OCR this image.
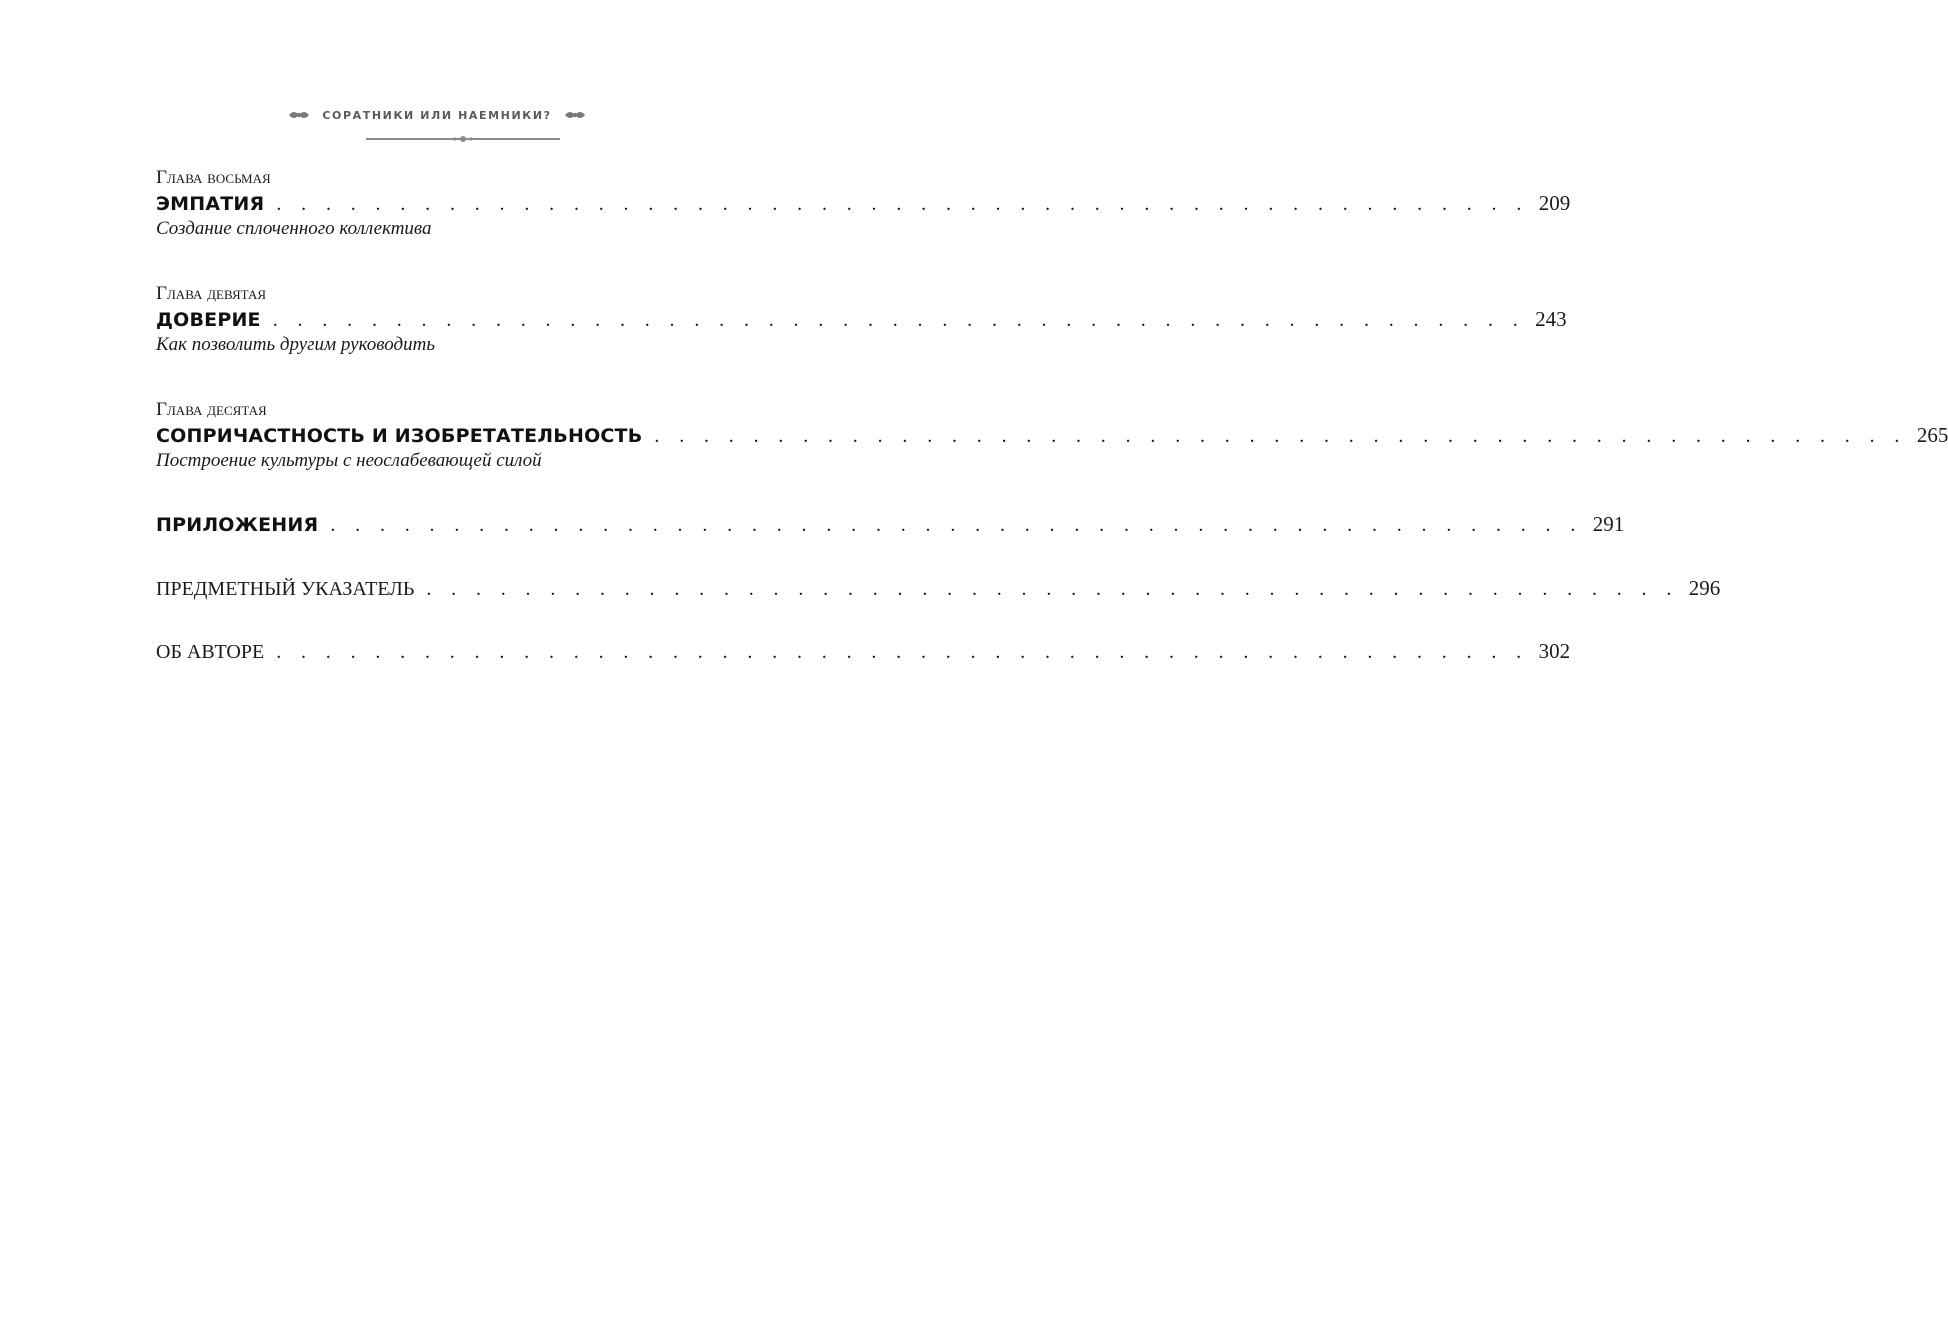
СОРАТНИКИ ИЛИ НАЕМНИКИ?
Глава восьмая
ЭМПАТИЯ . . . . . . . . . . . . . . . . . . . . . . . . . . . . . . . . . . . . . . . . . . . . . . . . . . . 209
Создание сплоченного коллектива
Глава девятая
ДОВЕРИЕ . . . . . . . . . . . . . . . . . . . . . . . . . . . . . . . . . . . . . . . . . . . . . . . . . . . 243
Как позволить другим руководить
Глава десятая
СОПРИЧАСТНОСТЬ И ИЗОБРЕТАТЕЛЬНОСТЬ . . . . . . . . . . . . . . . . . . . . . . . . . . . . . . . . . . . . . . . . . . . . . . . . . . . 265
Построение культуры с неослабевающей силой
ПРИЛОЖЕНИЯ . . . . . . . . . . . . . . . . . . . . . . . . . . . . . . . . . . . . . . . . . . . . . . . . . . . 291
ПРЕДМЕТНЫЙ УКАЗАТЕЛЬ . . . . . . . . . . . . . . . . . . . . . . . . . . . . . . . . . . . . . . . . . . . . . . . . . . . 296
ОБ АВТОРЕ . . . . . . . . . . . . . . . . . . . . . . . . . . . . . . . . . . . . . . . . . . . . . . . . . . . 302
